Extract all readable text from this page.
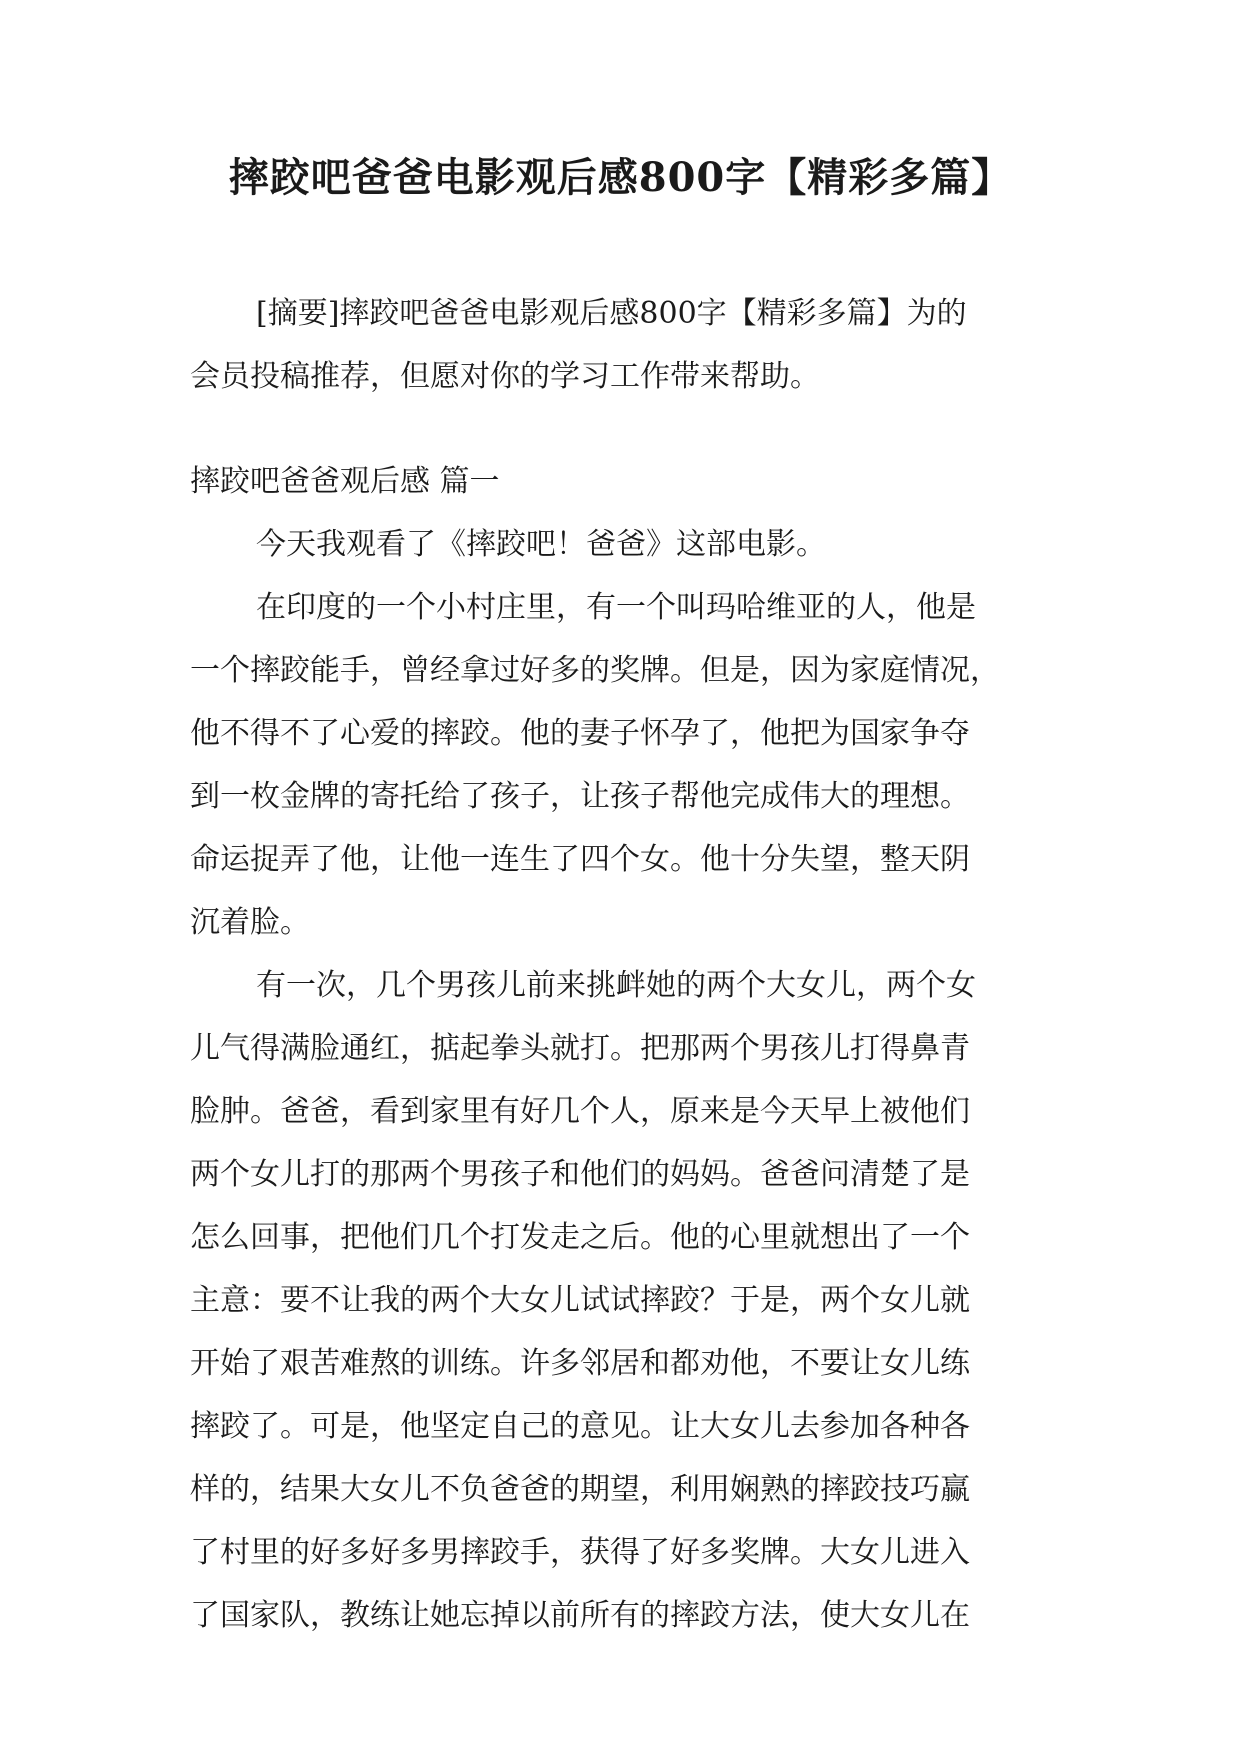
摔跤吧爸爸电影观后感800字【精彩多篇】

[摘要]摔跤吧爸爸电影观后感800字【精彩多篇】为的

会员投稿推荐，但愿对你的学习工作带来帮助。

摔跤吧爸爸观后感 篇一

今天我观看了《摔跤吧！爸爸》这部电影。

在印度的一个小村庄里，有一个叫玛哈维亚的人，他是

一个摔跤能手，曾经拿过好多的奖牌。但是，因为家庭情况，

他不得不了心爱的摔跤。他的妻子怀孕了，他把为国家争夺

到一枚金牌的寄托给了孩子，让孩子帮他完成伟大的理想。

命运捉弄了他，让他一连生了四个女。他十分失望，整天阴

沉着脸。

有一次，几个男孩儿前来挑衅她的两个大女儿，两个女

儿气得满脸通红，掂起拳头就打。把那两个男孩儿打得鼻青

脸肿。爸爸，看到家里有好几个人，原来是今天早上被他们

两个女儿打的那两个男孩子和他们的妈妈。爸爸问清楚了是

怎么回事，把他们几个打发走之后。他的心里就想出了一个

主意：要不让我的两个大女儿试试摔跤？于是，两个女儿就

开始了艰苦难熬的训练。许多邻居和都劝他，不要让女儿练

摔跤了。可是，他坚定自己的意见。让大女儿去参加各种各

样的，结果大女儿不负爸爸的期望，利用娴熟的摔跤技巧赢

了村里的好多好多男摔跤手，获得了好多奖牌。大女儿进入

了国家队，教练让她忘掉以前所有的摔跤方法，使大女儿在
